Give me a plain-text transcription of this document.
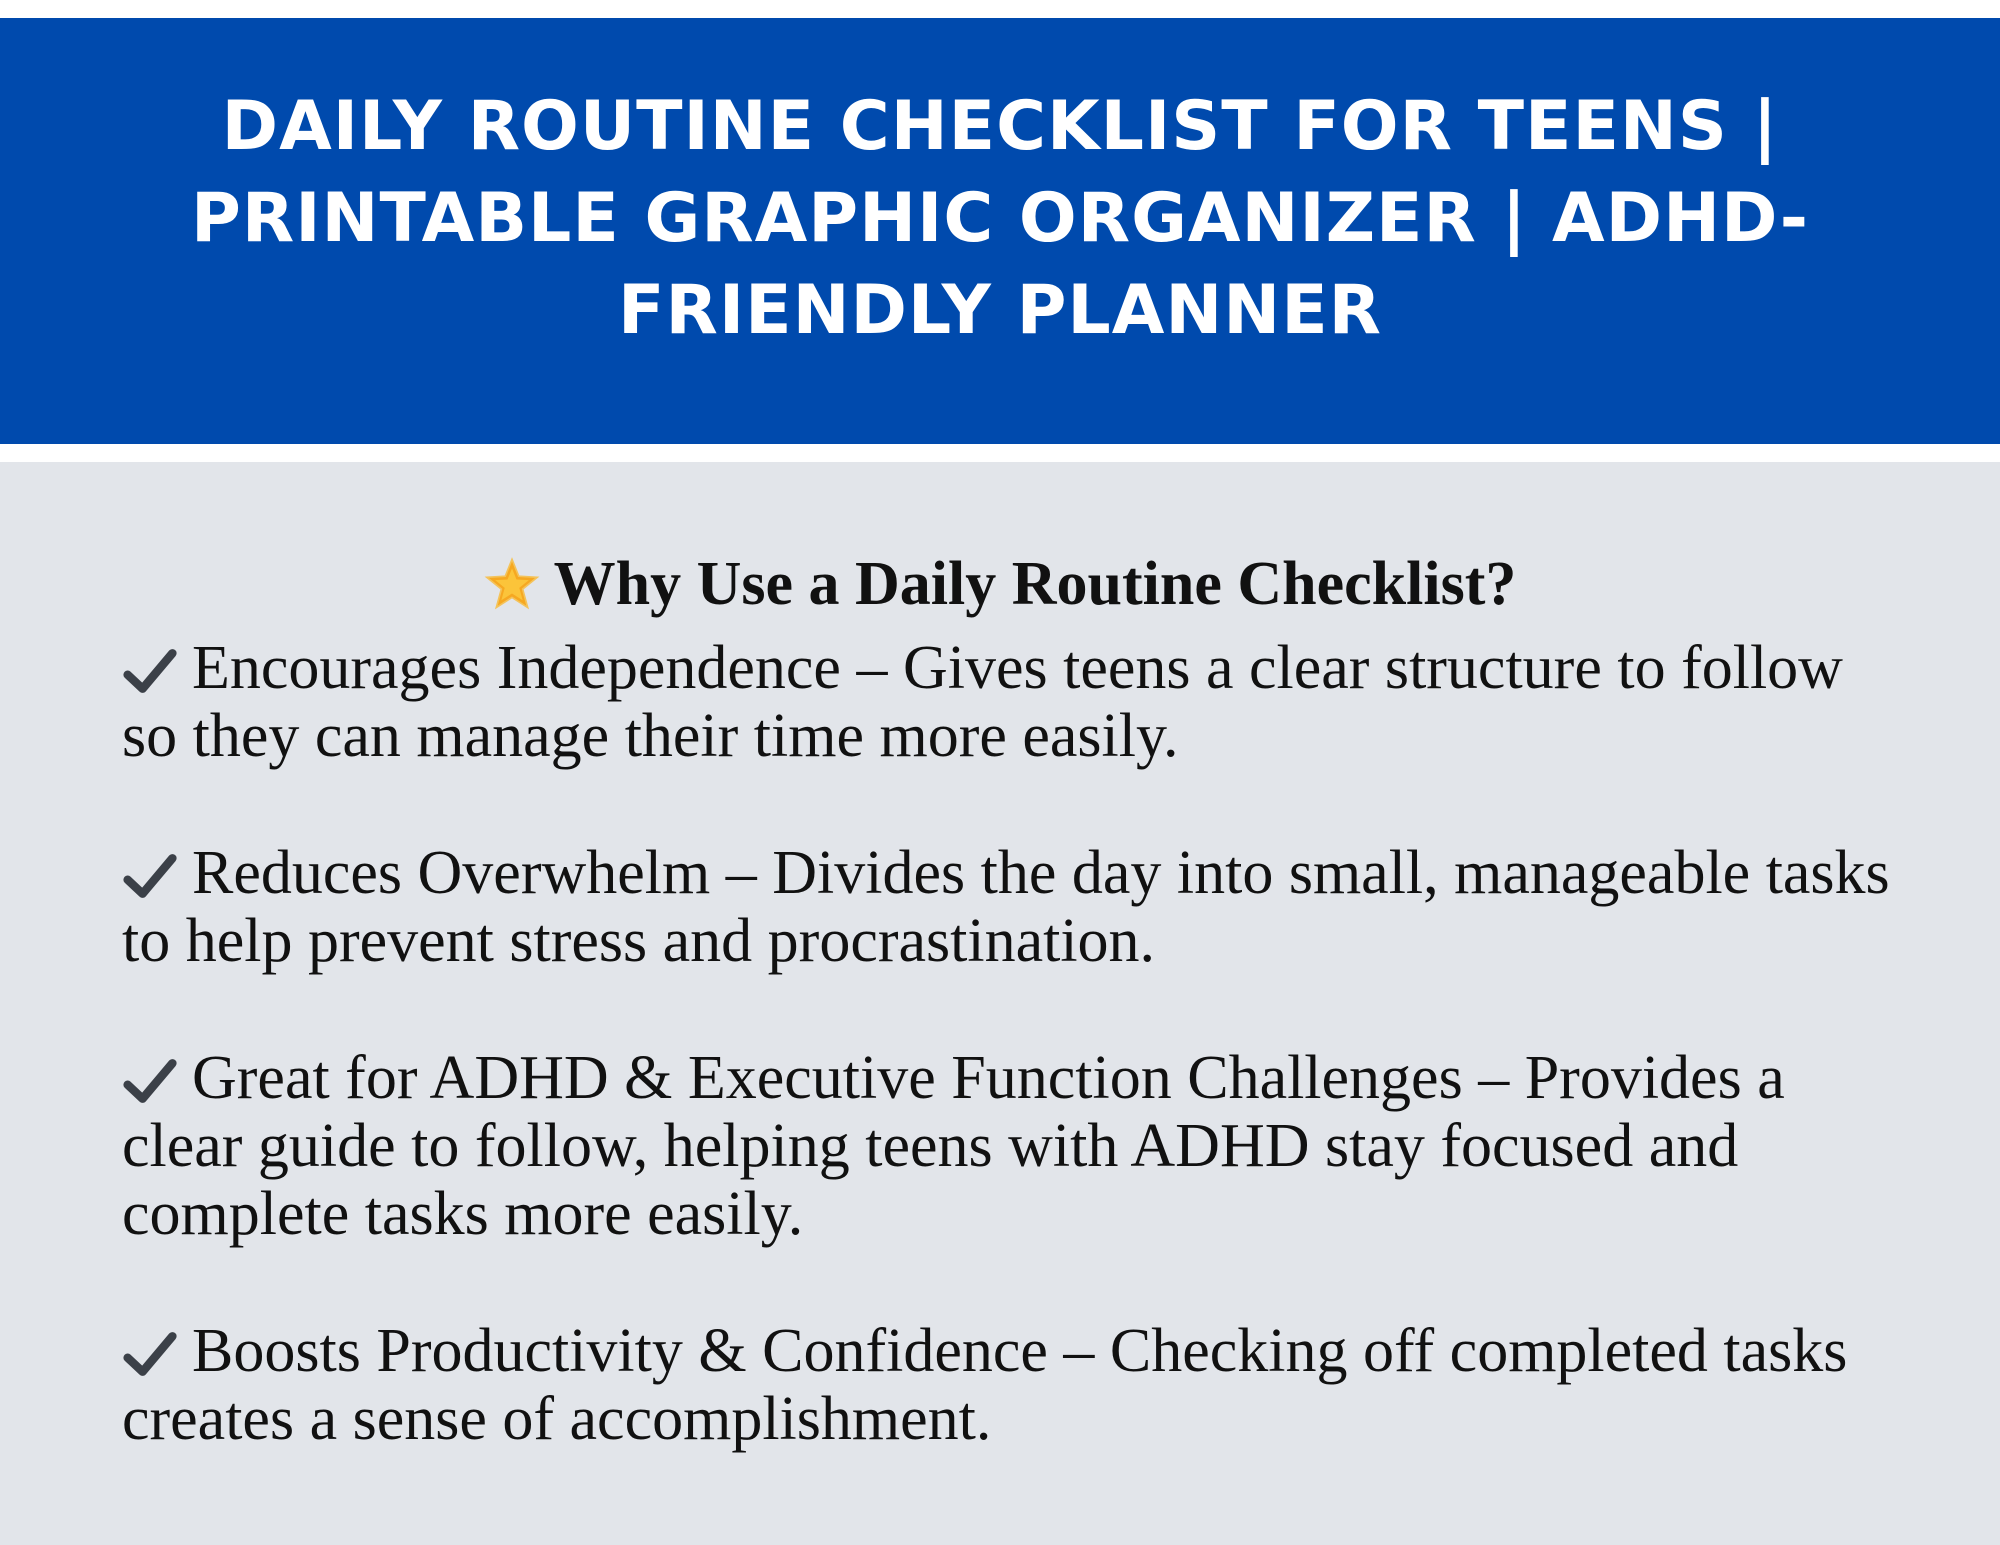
DAILY ROUTINE CHECKLIST FOR TEENS | PRINTABLE GRAPHIC ORGANIZER | ADHD-FRIENDLY PLANNER
Why Use a Daily Routine Checklist?

Encourages Independence – Gives teens a clear structure to follow so they can manage their time more easily.

Reduces Overwhelm – Divides the day into small, manageable tasks to help prevent stress and procrastination.

Great for ADHD & Executive Function Challenges – Provides a clear guide to follow, helping teens with ADHD stay focused and complete tasks more easily.

Boosts Productivity & Confidence – Checking off completed tasks creates a sense of accomplishment.
